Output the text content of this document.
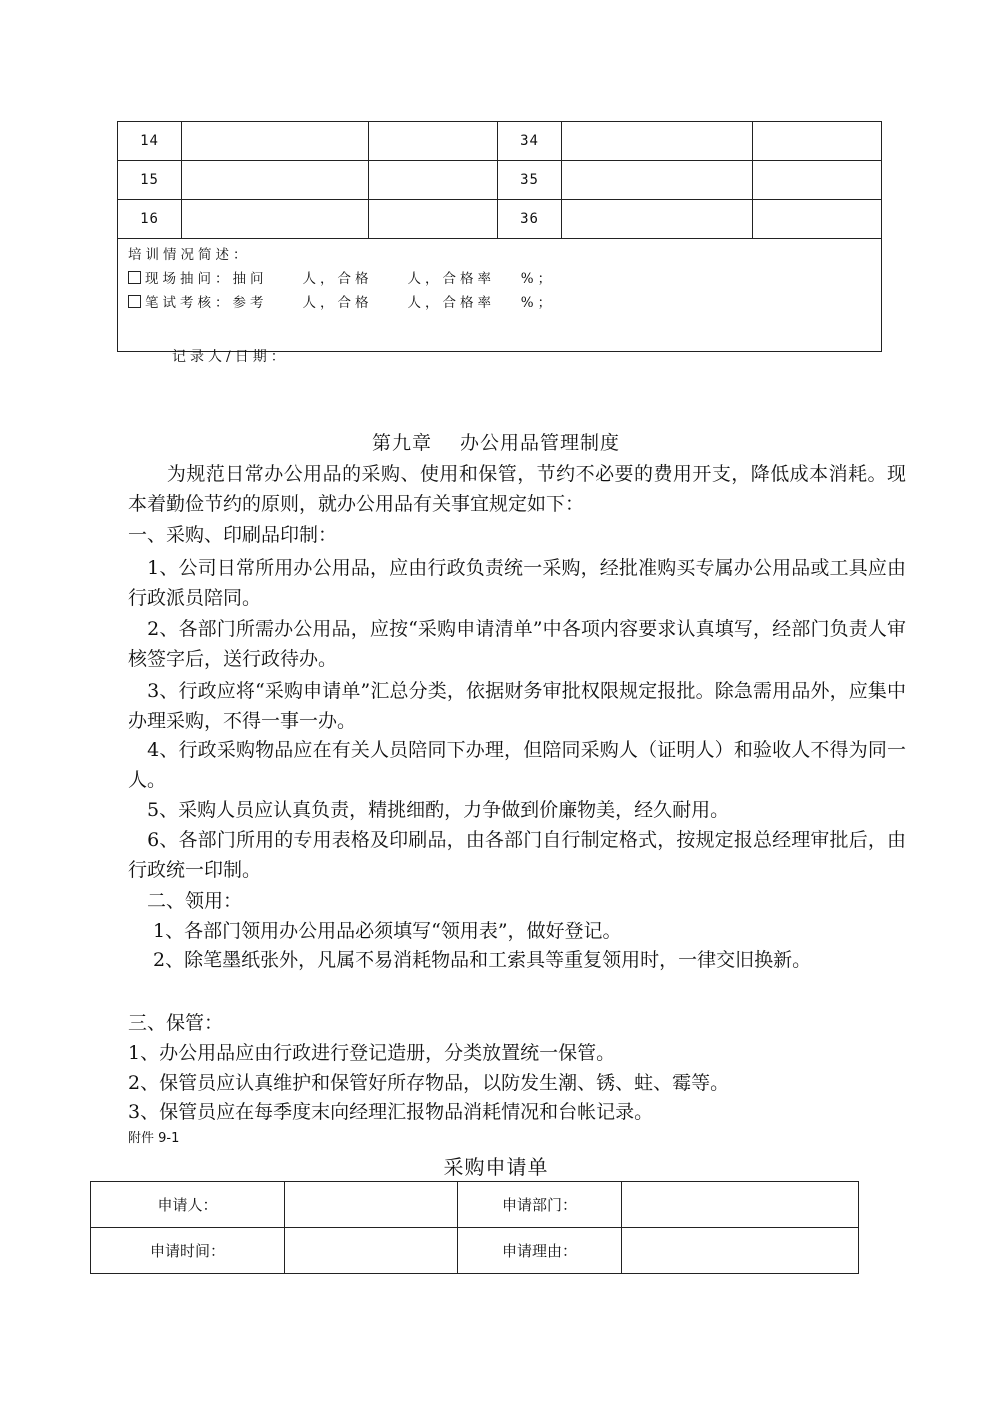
14			34		
15			35		
16			36		

培训情况简述：
现场抽问：抽问　　人，合格　　人，合格率　 %；
笔试考核：参考　　人，合格　　人，合格率　 %；					
记录人/日期：
第九章 办公用品管理制度
　　为规范日常办公用品的采购、使用和保管，节约不必要的费用开支，降低成本消耗。现本着勤俭节约的原则，就办公用品有关事宜规定如下：
一、采购、印刷品印制：
　1、公司日常所用办公用品，应由行政负责统一采购，经批准购买专属办公用品或工具应由行政派员陪同。
　2、各部门所需办公用品，应按“采购申请清单”中各项内容要求认真填写，经部门负责人审核签字后，送行政待办。
　3、行政应将“采购申请单”汇总分类，依据财务审批权限规定报批。除急需用品外，应集中办理采购，不得一事一办。
　4、行政采购物品应在有关人员陪同下办理，但陪同采购人（证明人）和验收人不得为同一人。
　5、采购人员应认真负责，精挑细酌，力争做到价廉物美，经久耐用。
　6、各部门所用的专用表格及印刷品，由各部门自行制定格式，按规定报总经理审批后，由行政统一印制。
　二、领用：
　 1、各部门领用办公用品必须填写“领用表”，做好登记。
　 2、除笔墨纸张外，凡属不易消耗物品和工索具等重复领用时，一律交旧换新。
三、保管：
1、办公用品应由行政进行登记造册，分类放置统一保管。
2、保管员应认真维护和保管好所存物品，以防发生潮、锈、蛀、霉等。
3、保管员应在每季度末向经理汇报物品消耗情况和台帐记录。
附件 9-1
采购申请单
申请人：		申请部门：	
申请时间：		申请理由：	
